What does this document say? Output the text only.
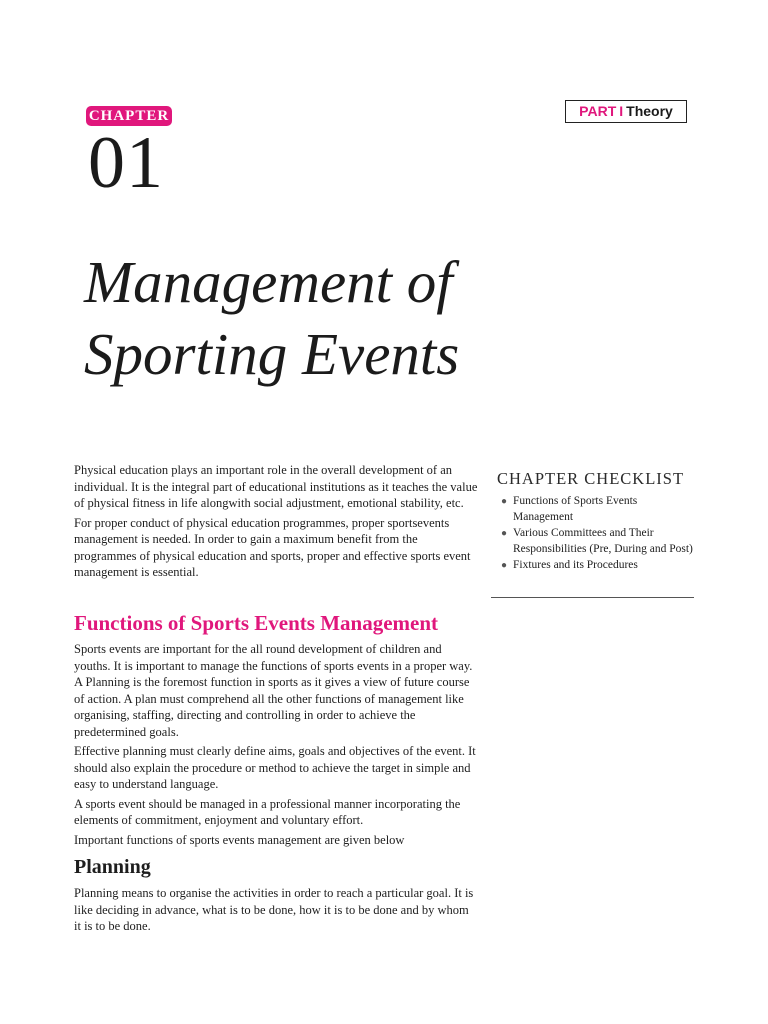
CHAPTER
01
PART I Theory
Management of
Sporting Events

Physical education plays an important role in the overall development of an individual. It is the integral part of educational institutions as it teaches the value of physical fitness in life alongwith social adjustment, emotional stability, etc.

For proper conduct of physical education programmes, proper sportsevents management is needed. In order to gain a maximum benefit from the programmes of physical education and sports, proper and effective sports event management is essential.

CHAPTER CHECKLIST
● Functions of Sports Events Management
● Various Committees and Their Responsibilities (Pre, During and Post)
● Fixtures and its Procedures
Functions of Sports Events Management

Sports events are important for the all round development of children and youths. It is important to manage the functions of sports events in a proper way. A Planning is the foremost function in sports as it gives a view of future course of action. A plan must comprehend all the other functions of management like organising, staffing, directing and controlling in order to achieve the predetermined goals.

Effective planning must clearly define aims, goals and objectives of the event. It should also explain the procedure or method to achieve the target in simple and easy to understand language.

A sports event should be managed in a professional manner incorporating the elements of commitment, enjoyment and voluntary effort.

Important functions of sports events management are given below

Planning

Planning means to organise the activities in order to reach a particular goal. It is like deciding in advance, what is to be done, how it is to be done and by whom it is to be done.
